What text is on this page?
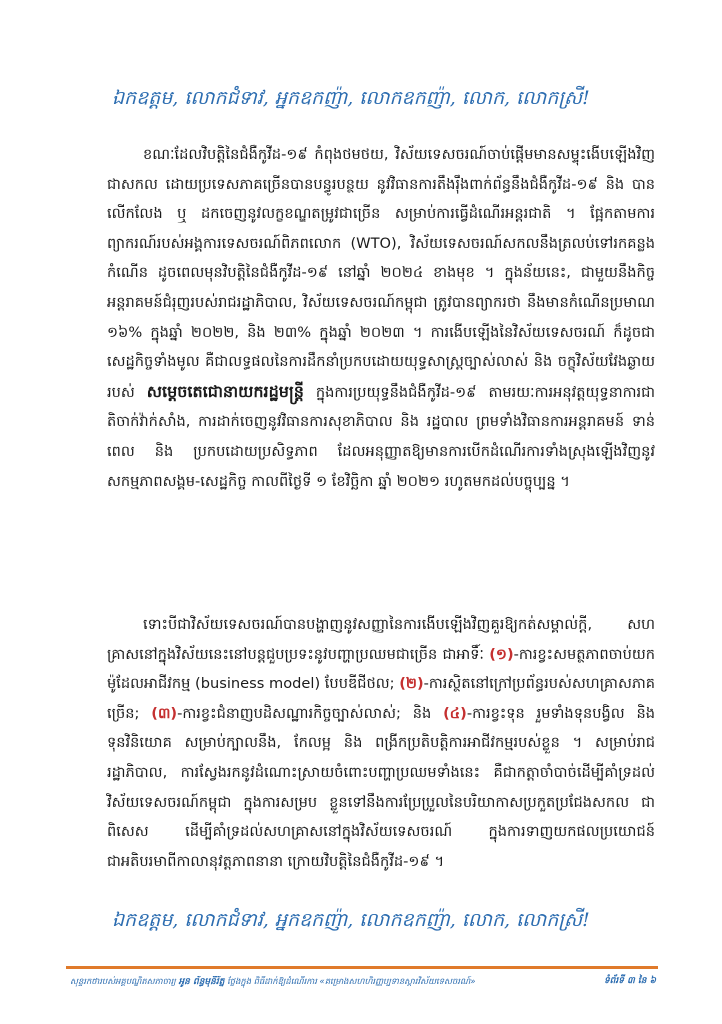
ឯកឧត្តម, លោកជំទាវ, អ្នកឧកញ៉ា, លោកឧកញ៉ា, លោក, លោកស្រី!

ខណៈដែលវិបត្តិនៃជំងឺកូវីដ-១៩ កំពុងថមថយ, វិស័យទេសចរណ៍ចាប់ផ្តើមមានសម្ទុះងើបឡើងវិញជាសកល ដោយប្រទេសភាគច្រើនបានបន្ធូរបន្ថយ នូវវិធានការតឹងរ៉ឹងពាក់ព័ន្ធនឹងជំងឺកូវីដ-១៩ និង បានលើកលែង ឬ ដកចេញនូវលក្ខខណ្ឌតម្រូវជាច្រើន សម្រាប់ការធ្វើដំណើរអន្តរជាតិ ។ ផ្អែកតាមការព្យាករណ៍របស់អង្គការទេសចរណ៍ពិភពលោក (WTO), វិស័យទេសចរណ៍សកលនឹងត្រលប់ទៅរកគន្លងកំណើន ដូចពេលមុនវិបត្តិនៃជំងឺកូវីដ-១៩ នៅឆ្នាំ ២០២៤ ខាងមុខ ។ ក្នុងន័យនេះ, ជាមួយនឹងកិច្ចអន្តរាគមន៍ជំរុញរបស់រាជរដ្ឋាភិបាល, វិស័យទេសចរណ៍កម្ពុជា ត្រូវបានព្យាករថា នឹងមានកំណើនប្រមាណ ១៦% ក្នុងឆ្នាំ ២០២២, និង ២៣% ក្នុងឆ្នាំ ២០២៣ ។ ការងើបឡើងនៃវិស័យទេសចរណ៍ ក៏ដូចជាសេដ្ឋកិច្ចទាំងមូល គឺជាលទ្ធផលនៃការដឹកនាំប្រកបដោយយុទ្ធសាស្រ្តច្បាស់លាស់ និង ចក្ខុវិស័យវែងឆ្ងាយរបស់ សម្តេចតេជោនាយករដ្ឋមន្ត្រី ក្នុងការប្រយុទ្ធនឹងជំងឺកូវីដ-១៩ តាមរយៈការអនុវត្តយុទ្ធនាការជាតិចាក់វ៉ាក់សាំង, ការដាក់ចេញនូវវិធានការសុខាភិបាល និង រដ្ឋបាល ព្រមទាំងវិធានការអន្តរាគមន៍ ទាន់ពេល និង ប្រកបដោយប្រសិទ្ធភាព ដែលអនុញ្ញាតឱ្យមានការបើកដំណើរការទាំងស្រុងឡើងវិញនូវសកម្មភាពសង្គម-សេដ្ឋកិច្ច កាលពីថ្ងៃទី ១ ខែវិច្ឆិកា ឆ្នាំ ២០២១ រហូតមកដល់បច្ចុប្បន្ន ។

ទោះបីជាវិស័យទេសចរណ៍បានបង្ហាញនូវសញ្ញានៃការងើបឡើងវិញគួរឱ្យកត់សម្គាល់ក្តី, សហគ្រាសនៅក្នុងវិស័យនេះនៅបន្តជួបប្រទះនូវបញ្ហាប្រឈមជាច្រើន ជាអាទិ៍ៈ (១)-ការខ្វះសមត្ថភាពចាប់យកម៉ូដែលអាជីវកម្ម (business model) បែបឌីជីថល; (២)-ការស្ថិតនៅក្រៅប្រព័ន្ធរបស់សហគ្រាសភាគច្រើន; (៣)-ការខ្វះជំនាញបដិសណ្ឋារកិច្ចច្បាស់លាស់; និង (៤)-ការខ្វះទុន រួមទាំងទុនបង្វិល និង ទុនវិនិយោគ សម្រាប់ក្បាលនឹង, កែលម្អ និង ពង្រីកប្រតិបត្តិការអាជីវកម្មរបស់ខ្លួន ។ សម្រាប់រាជរដ្ឋាភិបាល, ការស្វែងរកនូវដំណោះស្រាយចំពោះបញ្ហាប្រឈមទាំងនេះ គឺជាកត្តាចាំបាច់ដើម្បីគាំទ្រដល់វិស័យទេសចរណ៍កម្ពុជា ក្នុងការសម្រប ខ្លួនទៅនឹងការប្រែប្រួលនៃបរិយាកាសប្រកួតប្រជែងសកល ជាពិសេស ដើម្បីគាំទ្រដល់សហគ្រាសនៅក្នុងវិស័យទេសចរណ៍ ក្នុងការទាញយកផលប្រយោជន៍ជាអតិបរមាពីកាលានុវត្តភាពនានា ក្រោយវិបត្តិនៃជំងឺកូវីដ-១៩ ។

ឯកឧត្តម, លោកជំទាវ, អ្នកឧកញ៉ា, លោកឧកញ៉ា, លោក, លោកស្រី!
សុន្ទរកថារបស់អគ្គបណ្ឌិតសភាចារ្យ អូន ព័ន្ធមុនីរ័ត្ន ថ្លែងក្នុង ពិធីដាក់ឱ្យដំណើរការ «គម្រោងសហហិរញ្ញប្បទានស្តារវិស័យទេសចរណ៍»	ទំព័រទី ៣ នៃ ៦
